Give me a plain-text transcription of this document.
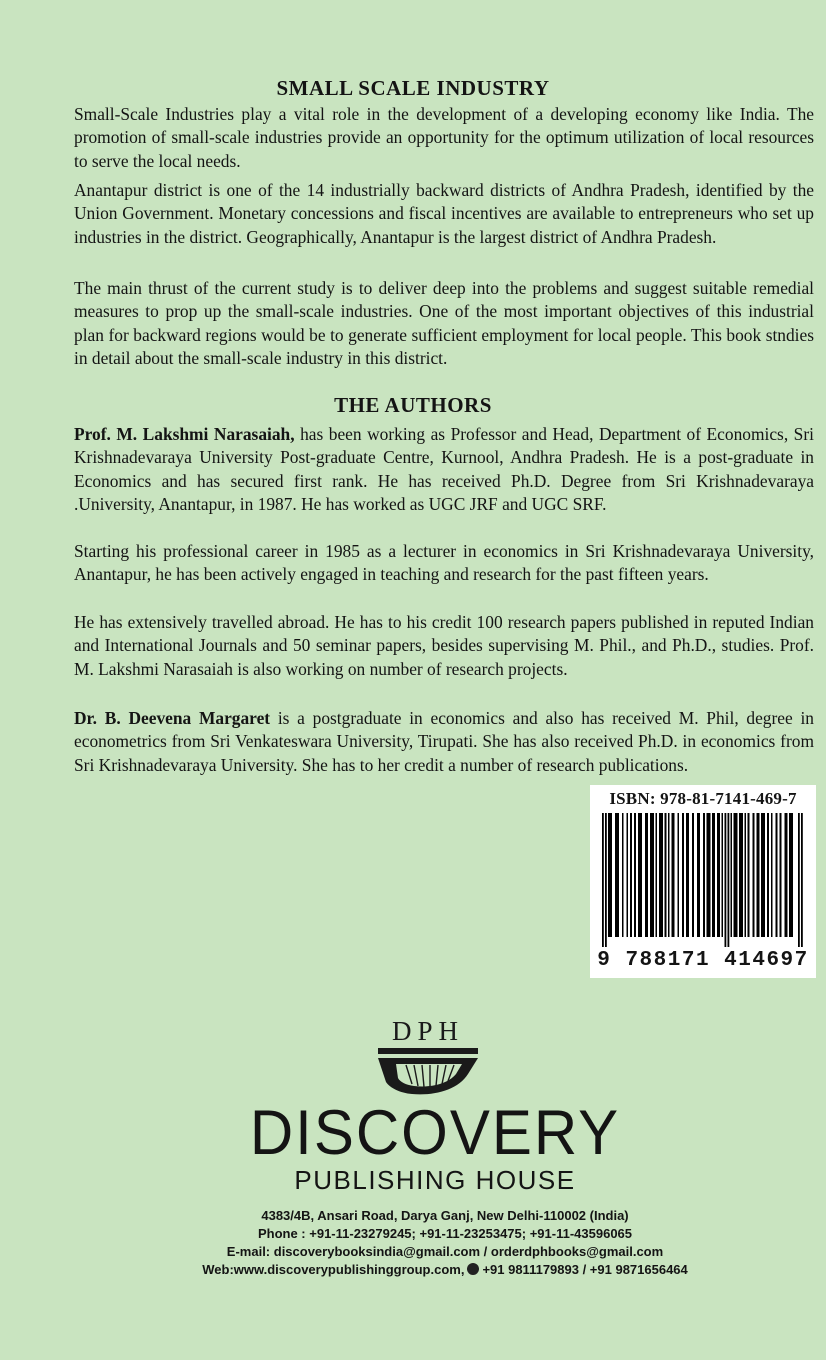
SMALL SCALE INDUSTRY

Small-Scale Industries play a vital role in the development of a developing economy like India. The promotion of small-scale industries provide an opportunity for the optimum utilization of local resources to serve the local needs.

Anantapur district is one of the 14 industrially backward districts of Andhra Pradesh, identified by the Union Government. Monetary concessions and fiscal incentives are available to entrepreneurs who set up industries in the district. Geographically, Anantapur is the largest district of Andhra Pradesh.

The main thrust of the current study is to deliver deep into the problems and suggest suitable remedial measures to prop up the small-scale industries. One of the most important objectives of this industrial plan for backward regions would be to generate sufficient employment for local people. This book stndies in detail about the small-scale industry in this district.

THE AUTHORS

Prof. M. Lakshmi Narasaiah, has been working as Professor and Head, Department of Economics, Sri Krishnadevaraya University Post-graduate Centre, Kurnool, Andhra Pradesh. He is a post-graduate in Economics and has secured first rank. He has received Ph.D. Degree from Sri Krishnadevaraya .University, Anantapur, in 1987. He has worked as UGC JRF and UGC SRF.

Starting his professional career in 1985 as a lecturer in economics in Sri Krishnadevaraya University, Anantapur, he has been actively engaged in teaching and research for the past fifteen years.

He has extensively travelled abroad. He has to his credit 100 research papers published in reputed Indian and International Journals and 50 seminar papers, besides supervising M. Phil., and Ph.D., studies. Prof. M. Lakshmi Narasaiah is also working on number of research projects.

Dr. B. Deevena Margaret is a postgraduate in economics and also has received M. Phil, degree in econometrics from Sri Venkateswara University, Tirupati. She has also received Ph.D. in economics from Sri Krishnadevaraya University. She has to her credit a number of research publications.

ISBN: 978-81-7141-469-7
9 788171 414697
DPH
DISCOVERY
PUBLISHING HOUSE
4383/4B, Ansari Road, Darya Ganj, New Delhi-110002 (India)
Phone : +91-11-23279245; +91-11-23253475; +91-11-43596065
E-mail: discoverybooksindia@gmail.com / orderdphbooks@gmail.com
Web:www.discoverypublishinggroup.com, +91 9811179893 / +91 9871656464
